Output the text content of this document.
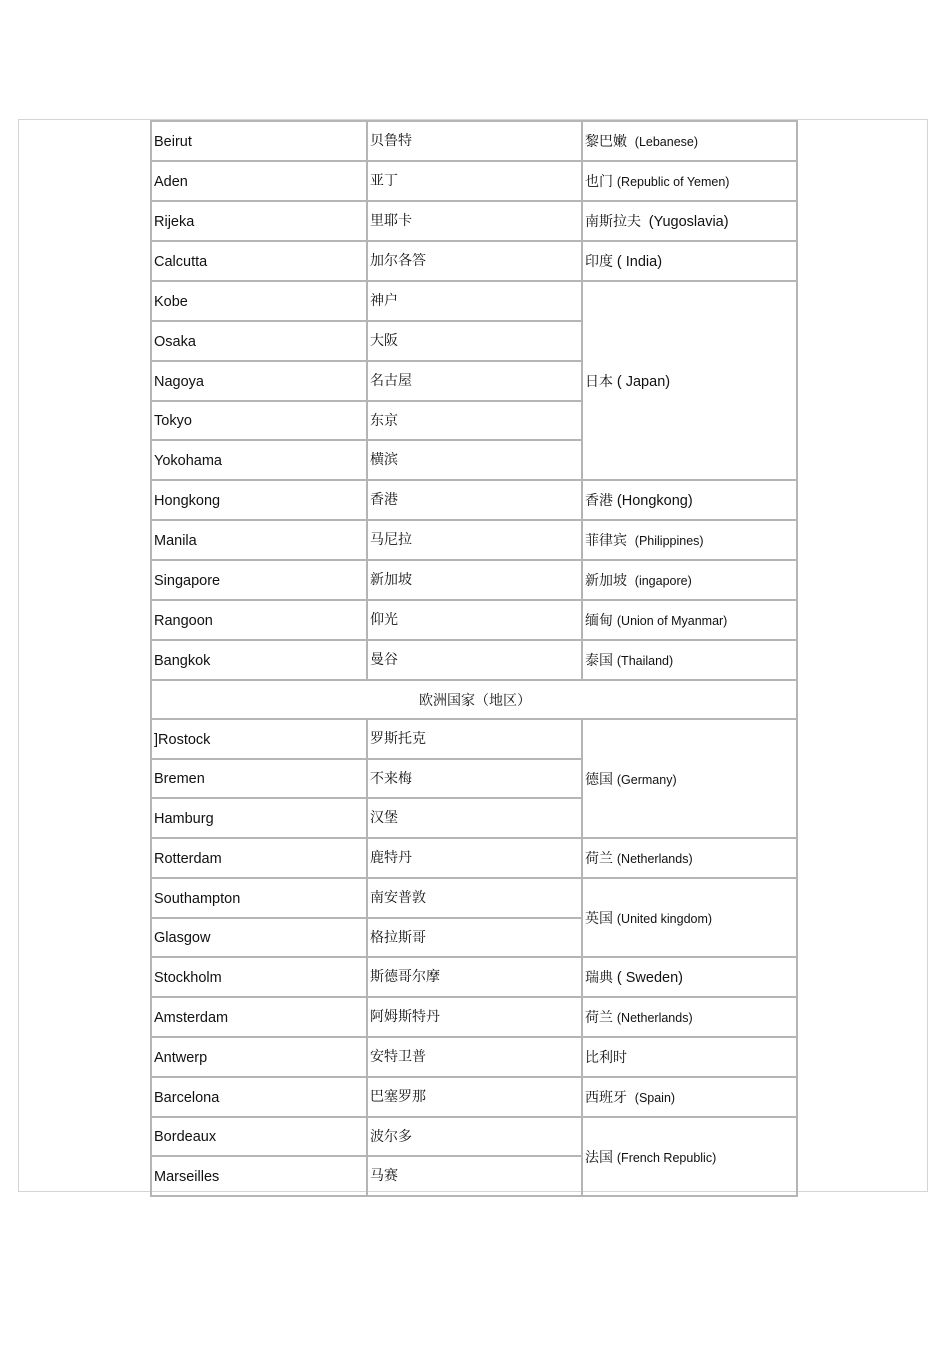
Beirut	贝鲁特	黎巴嫩 (Lebanese)
Aden	亚丁	也门 (Republic of Yemen)
Rijeka	里耶卡	南斯拉夫 (Yugoslavia)
Calcutta	加尔各答	印度 ( India)
Kobe	神户	日本 ( Japan)
Osaka	大阪	
Nagoya	名古屋	
Tokyo	东京	
Yokohama	横滨	
Hongkong	香港	香港 (Hongkong)
Manila	马尼拉	菲律宾 (Philippines)
Singapore	新加坡	新加坡 (ingapore)
Rangoon	仰光	缅甸 (Union of Myanmar)
Bangkok	曼谷	泰国 (Thailand)
欧洲国家（地区）		
]Rostock	罗斯托克	德国 (Germany)
Bremen	不来梅	
Hamburg	汉堡	
Rotterdam	鹿特丹	荷兰 (Netherlands)
Southampton	南安普敦	英国 (United kingdom)
Glasgow	格拉斯哥	
Stockholm	斯德哥尔摩	瑞典 ( Sweden)
Amsterdam	阿姆斯特丹	荷兰 (Netherlands)
Antwerp	安特卫普	比利时
Barcelona	巴塞罗那	西班牙 (Spain)
Bordeaux	波尔多	法国 (French Republic)
Marseilles	马赛	
